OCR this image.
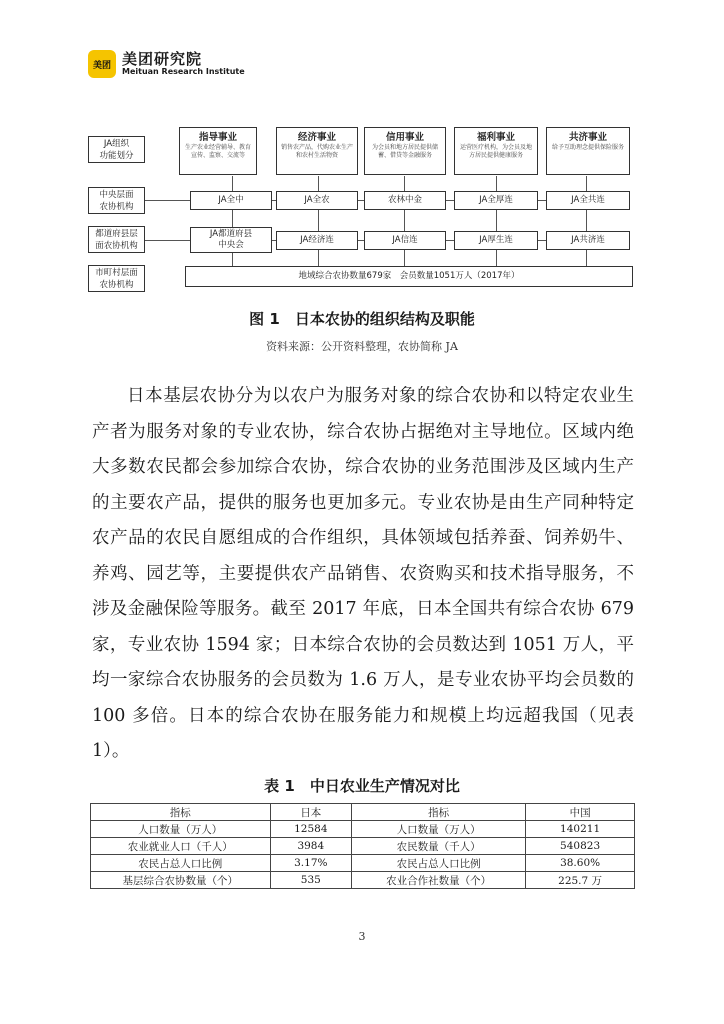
美团 美团研究院
Meituan Research Institute
JA组织
功能划分
中央层面
农协机构
都道府县层
面农协机构
市町村层面
农协机构
指导事业
生产农业经营辅导、教育宣传、监察、交流等
经济事业
销售农产品，代购农业生产和农村生活物资
信用事业
为会员和地方居民提供储蓄、借贷等金融服务
福利事业
运营医疗机构，为会员及地方居民提供健康服务
共济事业
给予互助理念提供保险服务
JA全中	JA全农	农林中金	JA全厚连	JA全共连
JA都道府县
中央会	JA经济连	JA信连	JA厚生连	JA共济连
地域综合农协数量679家　会员数量1051万人（2017年）
图 1　日本农协的组织结构及职能
资料来源：公开资料整理，农协简称 JA

日本基层农协分为以农户为服务对象的综合农协和以特定农业生产者为服务对象的专业农协，综合农协占据绝对主导地位。区域内绝大多数农民都会参加综合农协，综合农协的业务范围涉及区域内生产的主要农产品，提供的服务也更加多元。专业农协是由生产同种特定农产品的农民自愿组成的合作组织，具体领域包括养蚕、饲养奶牛、养鸡、园艺等，主要提供农产品销售、农资购买和技术指导服务，不涉及金融保险等服务。截至 2017 年底，日本全国共有综合农协 679 家，专业农协 1594 家；日本综合农协的会员数达到 1051 万人，平均一家综合农协服务的会员数为 1.6 万人，是专业农协平均会员数的 100 多倍。日本的综合农协在服务能力和规模上均远超我国（见表 1）。

表 1　中日农业生产情况对比
指标	日本	指标	中国
人口数量（万人）	12584	人口数量（万人）	140211
农业就业人口（千人）	3984	农民数量（千人）	540823
农民占总人口比例	3.17%	农民占总人口比例	38.60%
基层综合农协数量（个）	535	农业合作社数量（个）	225.7 万
3
